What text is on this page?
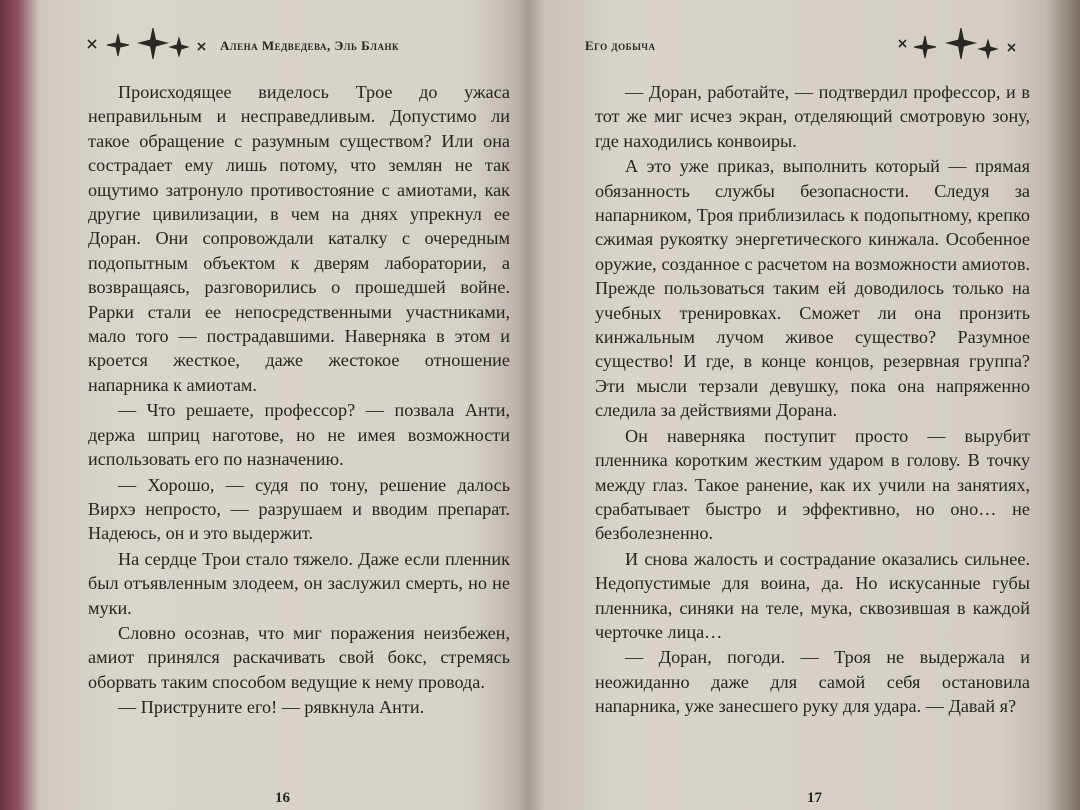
Алена Медведева, Эль Бланк

Происходящее виделось Трое до ужаса неправильным и несправедливым. Допустимо ли такое обращение с разумным существом? Или она сострадает ему лишь потому, что землян не так ощутимо затронуло противостояние с амиотами, как другие цивилизации, в чем на днях упрекнул ее Доран. Они сопровождали каталку с очередным подопытным объектом к дверям лаборатории, а возвращаясь, разговорились о прошедшей войне. Рарки стали ее непосредственными участниками, мало того — пострадавшими. Наверняка в этом и кроется жесткое, даже жестокое отношение напарника к амиотам.

— Что решаете, профессор? — позвала Анти, держа шприц наготове, но не имея возможности использовать его по назначению.

— Хорошо, — судя по тону, решение далось Вирхэ непросто, — разрушаем и вводим препарат. Надеюсь, он и это выдержит.

На сердце Трои стало тяжело. Даже если пленник был отъявленным злодеем, он заслужил смерть, но не муки.

Словно осознав, что миг поражения неизбежен, амиот принялся раскачивать свой бокс, стремясь оборвать таким способом ведущие к нему провода.

— Приструните его! — рявкнула Анти.

16
Его добыча

— Доран, работайте, — подтвердил профессор, и в тот же миг исчез экран, отделяющий смотровую зону, где находились конвоиры.

А это уже приказ, выполнить который — прямая обязанность службы безопасности. Следуя за напарником, Троя приблизилась к подопытному, крепко сжимая рукоятку энергетического кинжала. Особенное оружие, созданное с расчетом на возможности амиотов. Прежде пользоваться таким ей доводилось только на учебных тренировках. Сможет ли она пронзить кинжальным лучом живое существо? Разумное существо! И где, в конце концов, резервная группа? Эти мысли терзали девушку, пока она напряженно следила за действиями Дорана.

Он наверняка поступит просто — вырубит пленника коротким жестким ударом в голову. В точку между глаз. Такое ранение, как их учили на занятиях, срабатывает быстро и эффективно, но оно… не безболезненно.

И снова жалость и сострадание оказались сильнее. Недопустимые для воина, да. Но искусанные губы пленника, синяки на теле, мука, сквозившая в каждой черточке лица…

— Доран, погоди. — Троя не выдержала и неожиданно даже для самой себя остановила напарника, уже занесшего руку для удара. — Давай я?

17
